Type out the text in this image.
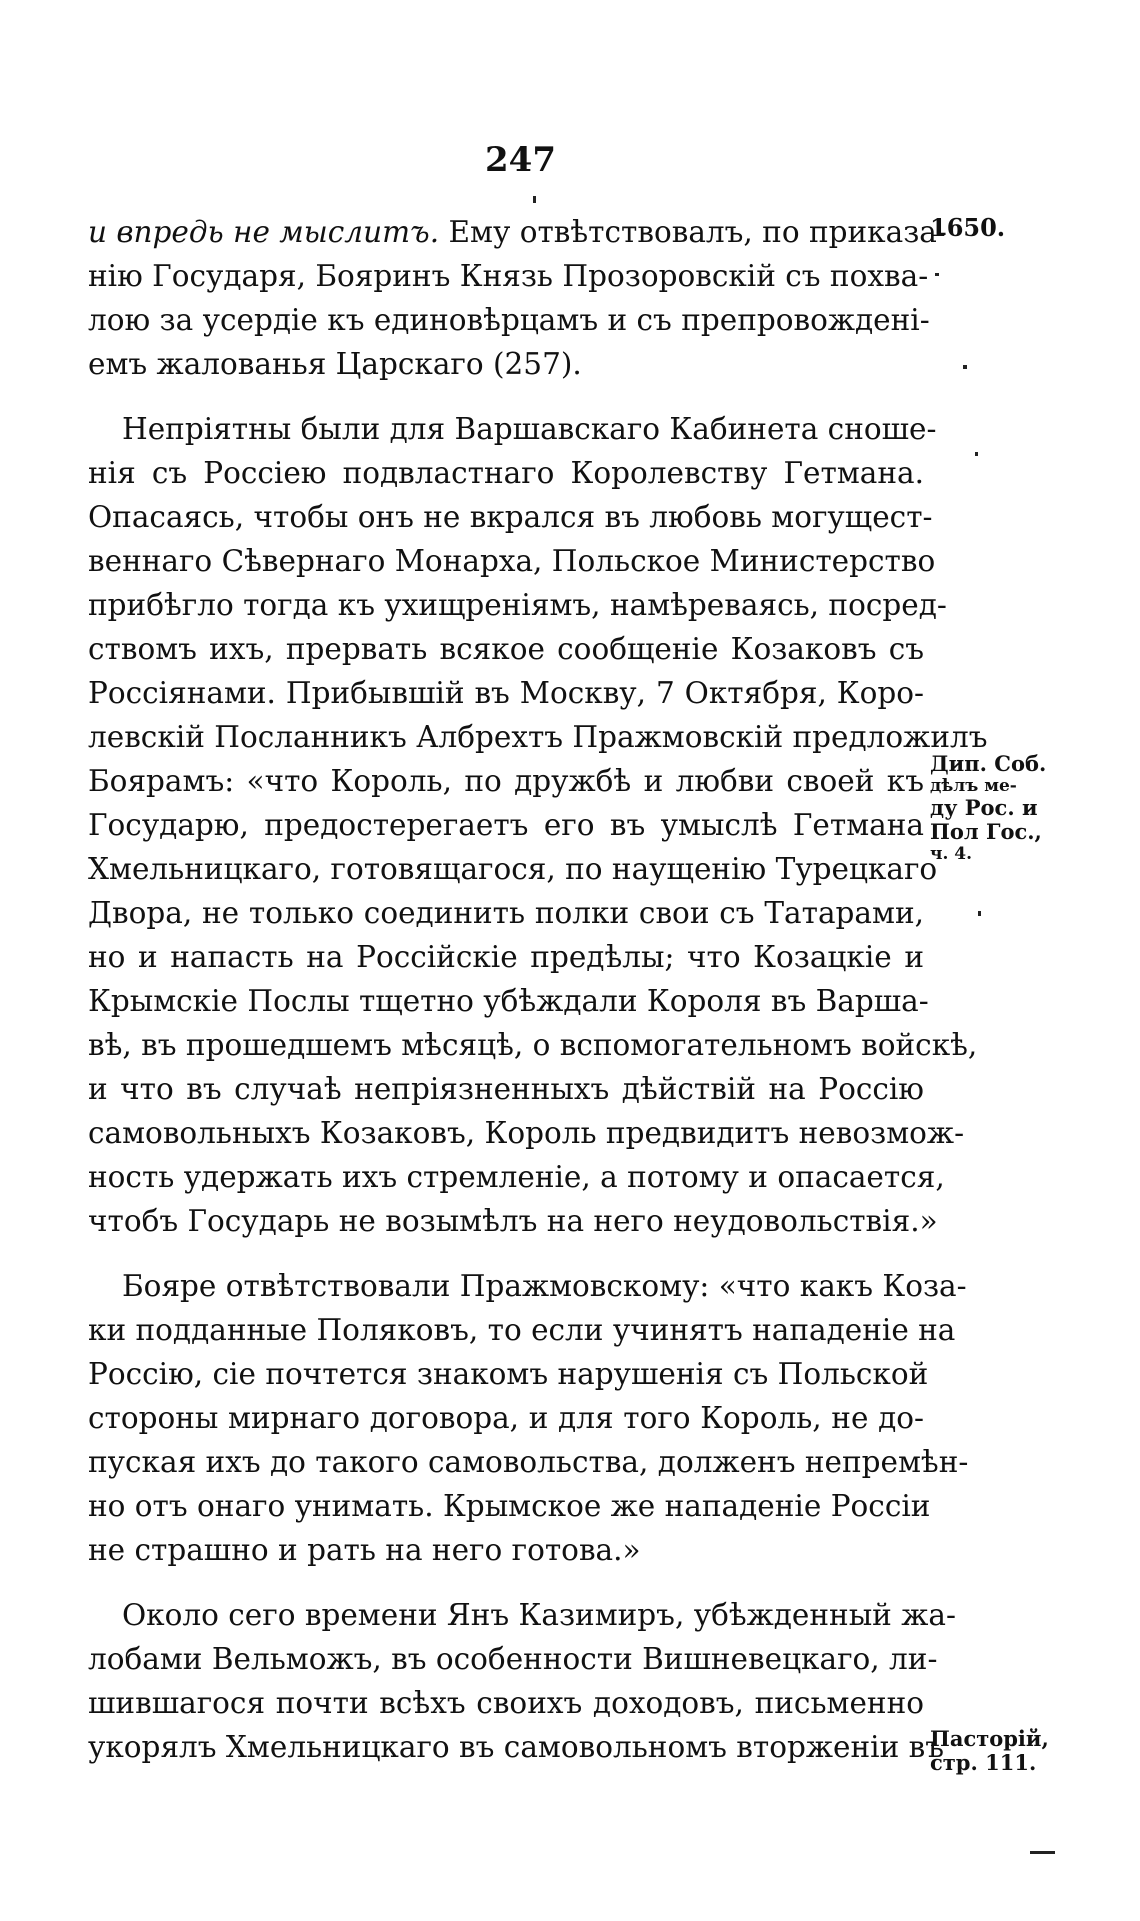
247
и впредь не мыслитъ. Ему отвѣтствовалъ, по приказа-
нію Государя, Бояринъ Князь Прозоровскій съ похва-
лою за усердіе къ единовѣрцамъ и съ препровожденi-
емъ жалованья Царскаго (257).
Непріятны были для Варшавскаго Кабинета сноше-
нія съ Россіею подвластнаго Королевству Гетмана.
Опасаясь, чтобы онъ не вкрался въ любовь могущест-
веннаго Сѣвернаго Монарха, Польское Министерство
прибѣгло тогда къ ухищреніямъ, намѣреваясь, посред-
ствомъ ихъ, прервать всякое сообщеніе Козаковъ съ
Россіянами. Прибывшій въ Москву, 7 Октября, Коро-
левскій Посланникъ Албрехтъ Пражмовскій предложилъ
Боярамъ: «что Король, по дружбѣ и любви своей къ
Государю, предостерегаетъ его въ умыслѣ Гетмана
Хмельницкаго, готовящагося, по наущенію Турецкаго
Двора, не только соединить полки свои съ Татарами,
но и напасть на Россійскіе предѣлы; что Козацкіе и
Крымскіе Послы тщетно убѣждали Короля въ Варша-
вѣ, въ прошедшемъ мѣсяцѣ, о вспомогательномъ войскѣ,
и что въ случаѣ непріязненныхъ дѣйствій на Россію
самовольныхъ Козаковъ, Король предвидитъ невозмож-
ность удержать ихъ стремленіе, а потому и опасается,
чтобъ Государь не возымѣлъ на него неудовольствія.»
Бояре отвѣтствовали Пражмовскому: «что какъ Коза-
ки подданные Поляковъ, то если учинятъ нападеніе на
Россію, сіе почтется знакомъ нарушенія съ Польской
стороны мирнаго договора, и для того Король, не до-
пуская ихъ до такого самовольства, долженъ непремѣн-
но отъ онаго унимать. Крымское же нападеніе Россіи
не страшно и рать на него готова.»
Около сего времени Янъ Казимиръ, убѣжденный жа-
лобами Вельможъ, въ особенности Вишневецкаго, ли-
шившагося почти всѣхъ своихъ доходовъ, письменно
укорялъ Хмельницкаго въ самовольномъ вторженіи въ
1650.
Дип. Соб.
дѣлъ ме-
ду Рос. и
Пол Гос.,
ч. 4.
Пасторій,
стр. 111.
